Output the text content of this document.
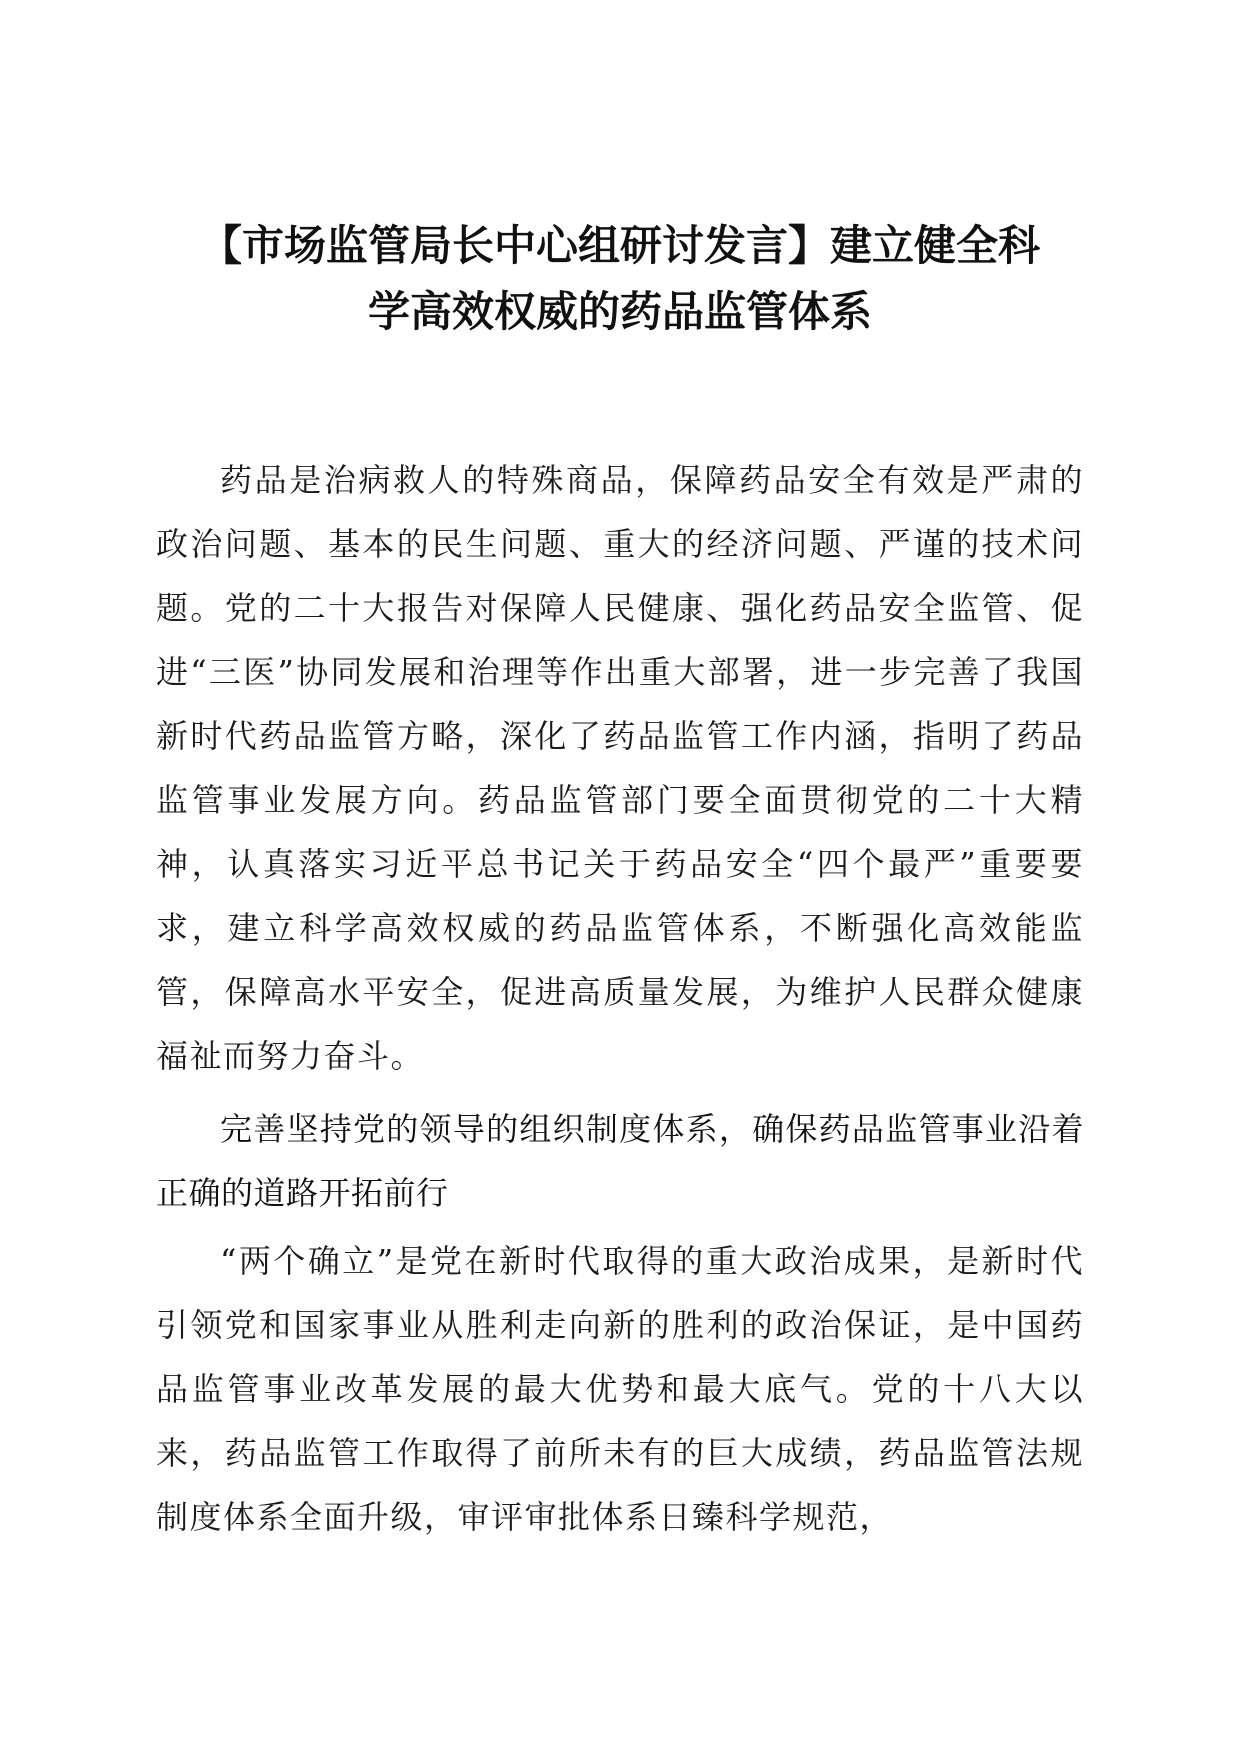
【市场监管局长中心组研讨发言】建立健全科
学高效权威的药品监管体系

药品是治病救人的特殊商品，保障药品安全有效是严肃的政治问题、基本的民生问题、重大的经济问题、严谨的技术问题。党的二十大报告对保障人民健康、强化药品安全监管、促进“三医”协同发展和治理等作出重大部署，进一步完善了我国新时代药品监管方略，深化了药品监管工作内涵，指明了药品监管事业发展方向。药品监管部门要全面贯彻党的二十大精神，认真落实习近平总书记关于药品安全“四个最严”重要要求，建立科学高效权威的药品监管体系，不断强化高效能监管，保障高水平安全，促进高质量发展，为维护人民群众健康福祉而努力奋斗。

完善坚持党的领导的组织制度体系，确保药品监管事业沿着正确的道路开拓前行

“两个确立”是党在新时代取得的重大政治成果，是新时代引领党和国家事业从胜利走向新的胜利的政治保证，是中国药品监管事业改革发展的最大优势和最大底气。党的十八大以来，药品监管工作取得了前所未有的巨大成绩，药品监管法规制度体系全面升级，审评审批体系日臻科学规范，
